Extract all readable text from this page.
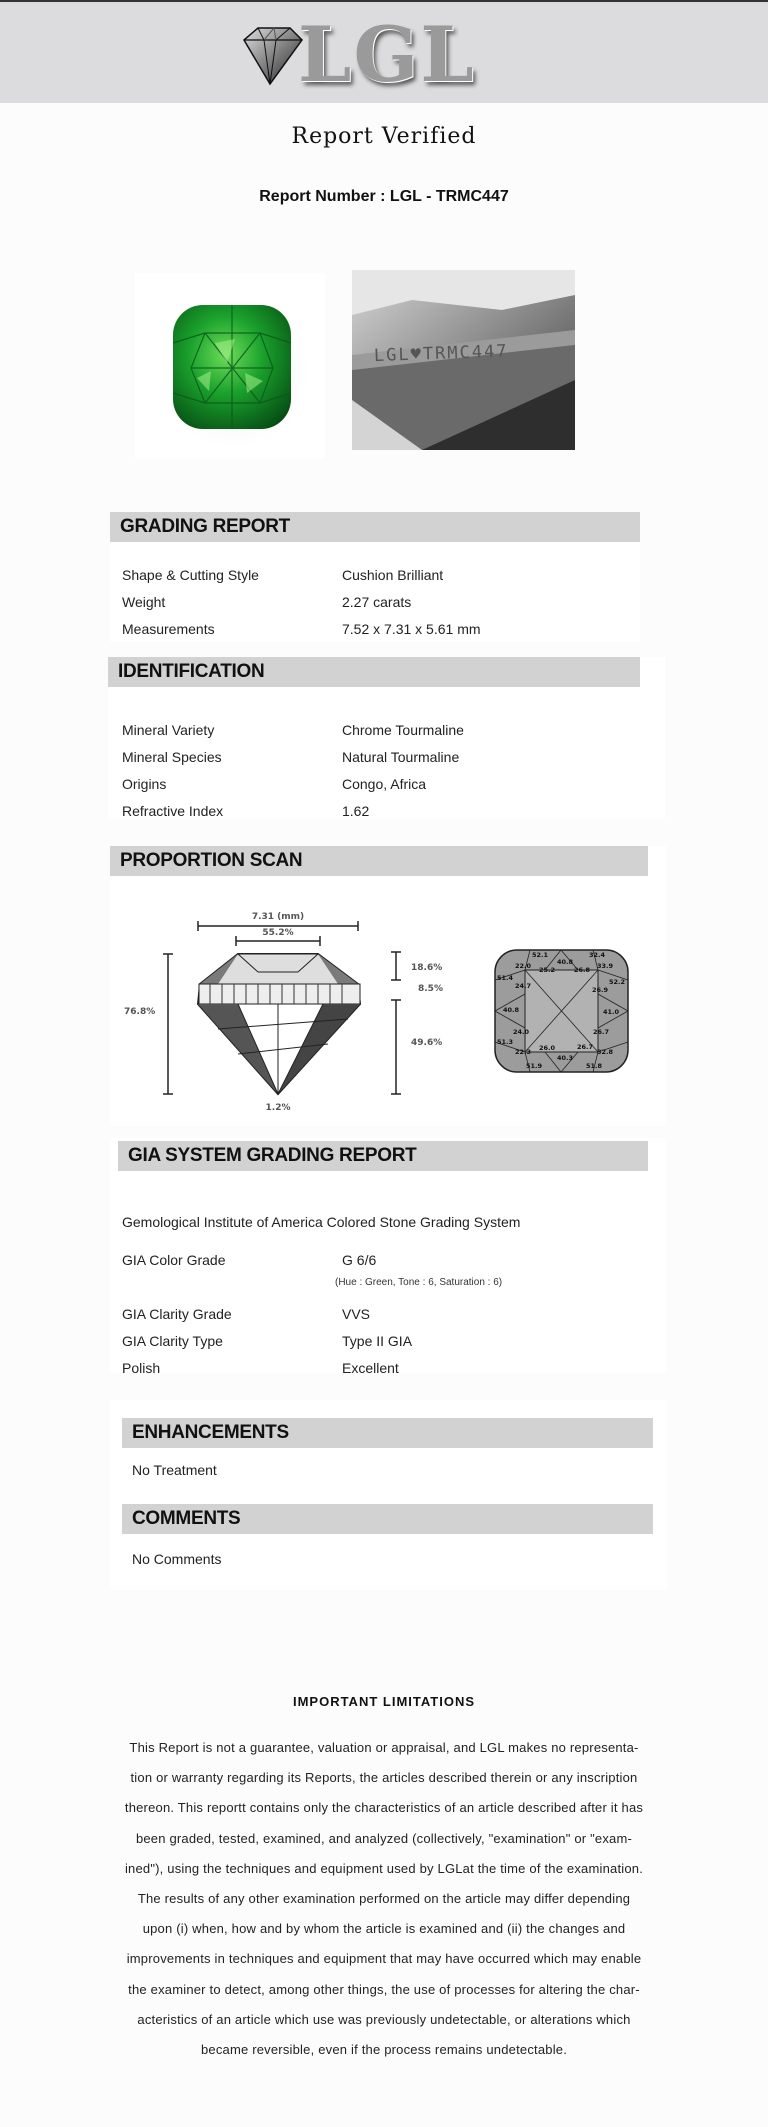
LGL
Report Verified
Report Number : LGL - TRMC447
LGL♥TRMC447
GRADING REPORT
Shape & Cutting Style	Cushion Brilliant
Weight	2.27 carats
Measurements	7.52 x 7.31 x 5.61 mm
IDENTIFICATION
Mineral Variety	Chrome Tourmaline
Mineral Species	Natural Tourmaline
Origins	Congo, Africa
Refractive Index	1.62
PROPORTION SCAN
7.31 (mm)
55.2%
18.6%
8.5%
49.6%
76.8%
1.2%
52.1	32.4
40.8
22.0 25.2	26.8 33.9
51.4
24.7	26.9
52.2
40.8	41.0
24.0	26.7
51.3
26.7
22.3 26.0	32.8
40.3
51.9	51.8
GIA SYSTEM GRADING REPORT
Gemological Institute of America Colored Stone Grading System
GIA Color Grade	G 6/6
(Hue : Green, Tone : 6, Saturation : 6)
GIA Clarity Grade	VVS
GIA Clarity Type	Type II GIA
Polish	Excellent
ENHANCEMENTS
No Treatment
COMMENTS
No Comments
IMPORTANT LIMITATIONS
This Report is not a guarantee, valuation or appraisal, and LGL makes no representa-
tion or warranty regarding its Reports, the articles described therein or any inscription
thereon. This reportt contains only the characteristics of an article described after it has
been graded, tested, examined, and analyzed (collectively, "examination" or "exam-
ined"), using the techniques and equipment used by LGLat the time of the examination.
The results of any other examination performed on the article may differ depending
upon (i) when, how and by whom the article is examined and (ii) the changes and
improvements in techniques and equipment that may have occurred which may enable
the examiner to detect, among other things, the use of processes for altering the char-
acteristics of an article which use was previously undetectable, or alterations which
became reversible, even if the process remains undetectable.
